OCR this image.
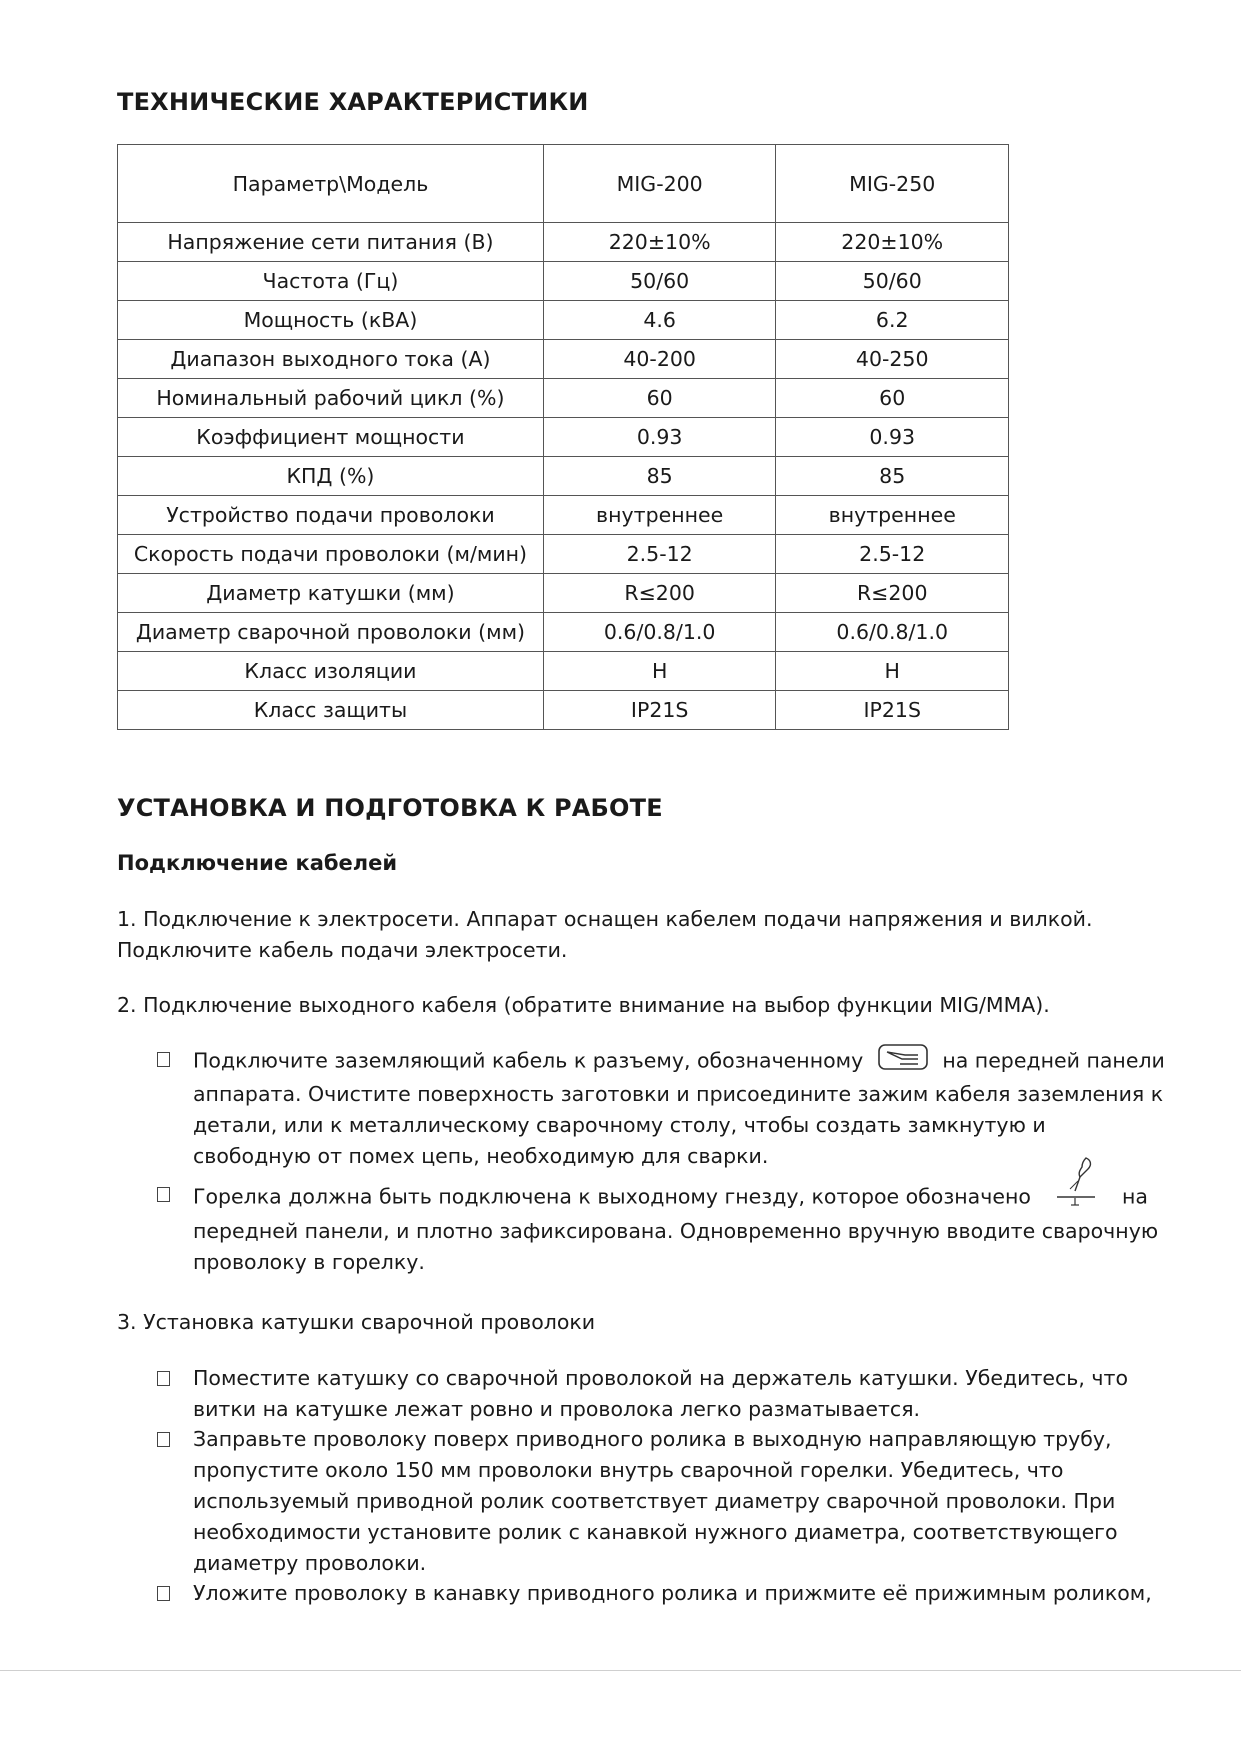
ТЕХНИЧЕСКИЕ ХАРАКТЕРИСТИКИ
Параметр\Модель	MIG-200	MIG-250
Напряжение сети питания (В)	220±10%	220±10%
Частота (Гц)	50/60	50/60
Мощность (кВА)	4.6	6.2
Диапазон выходного тока (А)	40-200	40-250
Номинальный рабочий цикл (%)	60	60
Коэффициент мощности	0.93	0.93
КПД (%)	85	85
Устройство подачи проволоки	внутреннее	внутреннее
Скорость подачи проволоки (м/мин)	2.5-12	2.5-12
Диаметр катушки (мм)	R≤200	R≤200
Диаметр сварочной проволоки (мм)	0.6/0.8/1.0	0.6/0.8/1.0
Класс изоляции	H	H
Класс защиты	IP21S	IP21S
УСТАНОВКА И ПОДГОТОВКА К РАБОТЕ
Подключение кабелей

1. Подключение к электросети. Аппарат оснащен кабелем подачи напряжения и вилкой. Подключите кабель подачи электросети.

2. Подключение выходного кабеля (обратите внимание на выбор функции MIG/MMA).

Подключите заземляющий кабель к разъему, обозначенному	на передней панели аппарата. Очистите поверхность заготовки и присоедините зажим кабеля заземления к детали, или к металлическому сварочному столу, чтобы создать замкнутую и свободную от помех цепь, необходимую для сварки.
Горелка должна быть подключена к выходному гнезду, которое обозначено	на передней панели, и плотно зафиксирована. Одновременно вручную вводите сварочную проволоку в горелку.

3. Установка катушки сварочной проволоки

Поместите катушку со сварочной проволокой на держатель катушки. Убедитесь, что витки на катушке лежат ровно и проволока легко разматывается.
Заправьте проволоку поверх приводного ролика в выходную направляющую трубу, пропустите около 150 мм проволоки внутрь сварочной горелки. Убедитесь, что используемый приводной ролик соответствует диаметру сварочной проволоки. При необходимости установите ролик с канавкой нужного диаметра, соответствующего диаметру проволоки.
Уложите проволоку в канавку приводного ролика и прижмите её прижимным роликом,
